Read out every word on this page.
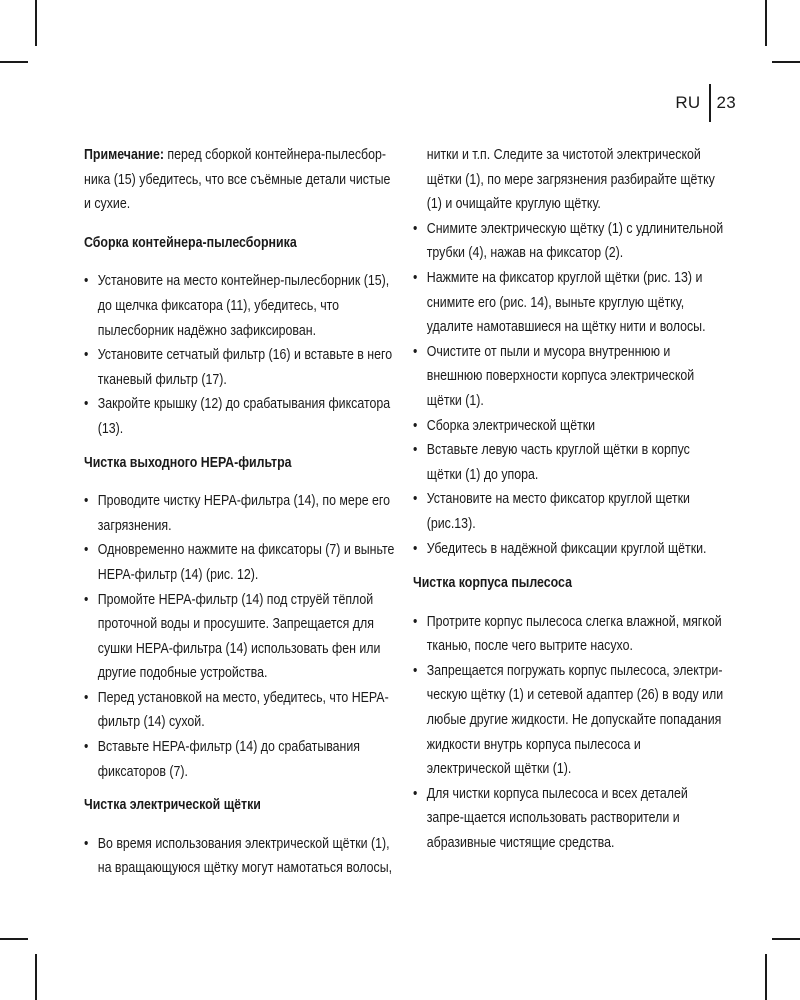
RU 23

Примечание: перед сборкой контейнера-пылесбор-ника (15) убедитесь, что все съёмные детали чистые и сухие.

Сборка контейнера-пылесборника
• Установите на место контейнер-пылесборник (15), до щелчка фиксатора (11), убедитесь, что пылесборник надёжно зафиксирован.
• Установите сетчатый фильтр (16) и вставьте в него тканевый фильтр (17).
• Закройте крышку (12) до срабатывания фиксатора (13).
Чистка выходного НЕРА-фильтра
• Проводите чистку НЕРА-фильтра (14), по мере его загрязнения.
• Одновременно нажмите на фиксаторы (7) и выньте НЕРА-фильтр (14) (рис. 12).
• Промойте НЕРА-фильтр (14) под струёй тёплой проточной воды и просушите. Запрещается для сушки НЕРА-фильтра (14) использовать фен или другие подобные устройства.
• Перед установкой на место, убедитесь, что НЕРА-фильтр (14) сухой.
• Вставьте НЕРА-фильтр (14) до срабатывания фиксаторов (7).
Чистка электрической щётки
• Во время использования электрической щётки (1), на вращающуюся щётку могут намотаться волосы,

нитки и т.п. Следите за чистотой электрической щётки (1), по мере загрязнения разбирайте щётку (1) и очищайте круглую щётку.

• Снимите электрическую щётку (1) с удлинительной трубки (4), нажав на фиксатор (2).
• Нажмите на фиксатор круглой щётки (рис. 13) и снимите его (рис. 14), выньте круглую щётку, удалите намотавшиеся на щётку нити и волосы.
• Очистите от пыли и мусора внутреннюю и внешнюю поверхности корпуса электрической щётки (1).
• Сборка электрической щётки
• Вставьте левую часть круглой щётки в корпус щётки (1) до упора.
• Установите на место фиксатор круглой щетки (рис.13).
• Убедитесь в надёжной фиксации круглой щётки.
Чистка корпуса пылесоса
• Протрите корпус пылесоса слегка влажной, мягкой тканью, после чего вытрите насухо.
• Запрещается погружать корпус пылесоса, электри-ческую щётку (1) и сетевой адаптер (26) в воду или любые другие жидкости. Не допускайте попадания жидкости внутрь корпуса пылесоса и электрической щётки (1).
• Для чистки корпуса пылесоса и всех деталей запре-щается использовать растворители и абразивные чистящие средства.
